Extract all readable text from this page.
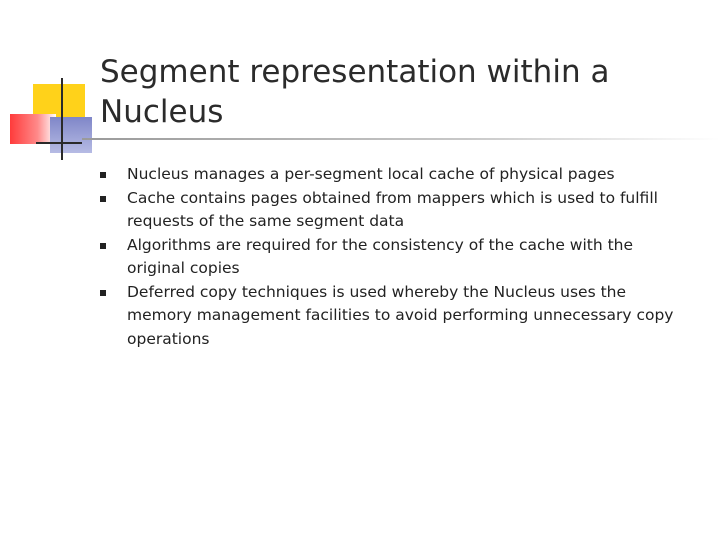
Segment representation within a Nucleus
Nucleus manages a per-segment local cache of physical pages
Cache contains pages obtained from mappers which is used to fulfill requests of the same segment data
Algorithms are required for the consistency of the cache with the original copies
Deferred copy techniques is used whereby the Nucleus uses the memory management facilities to avoid performing unnecessary copy operations
